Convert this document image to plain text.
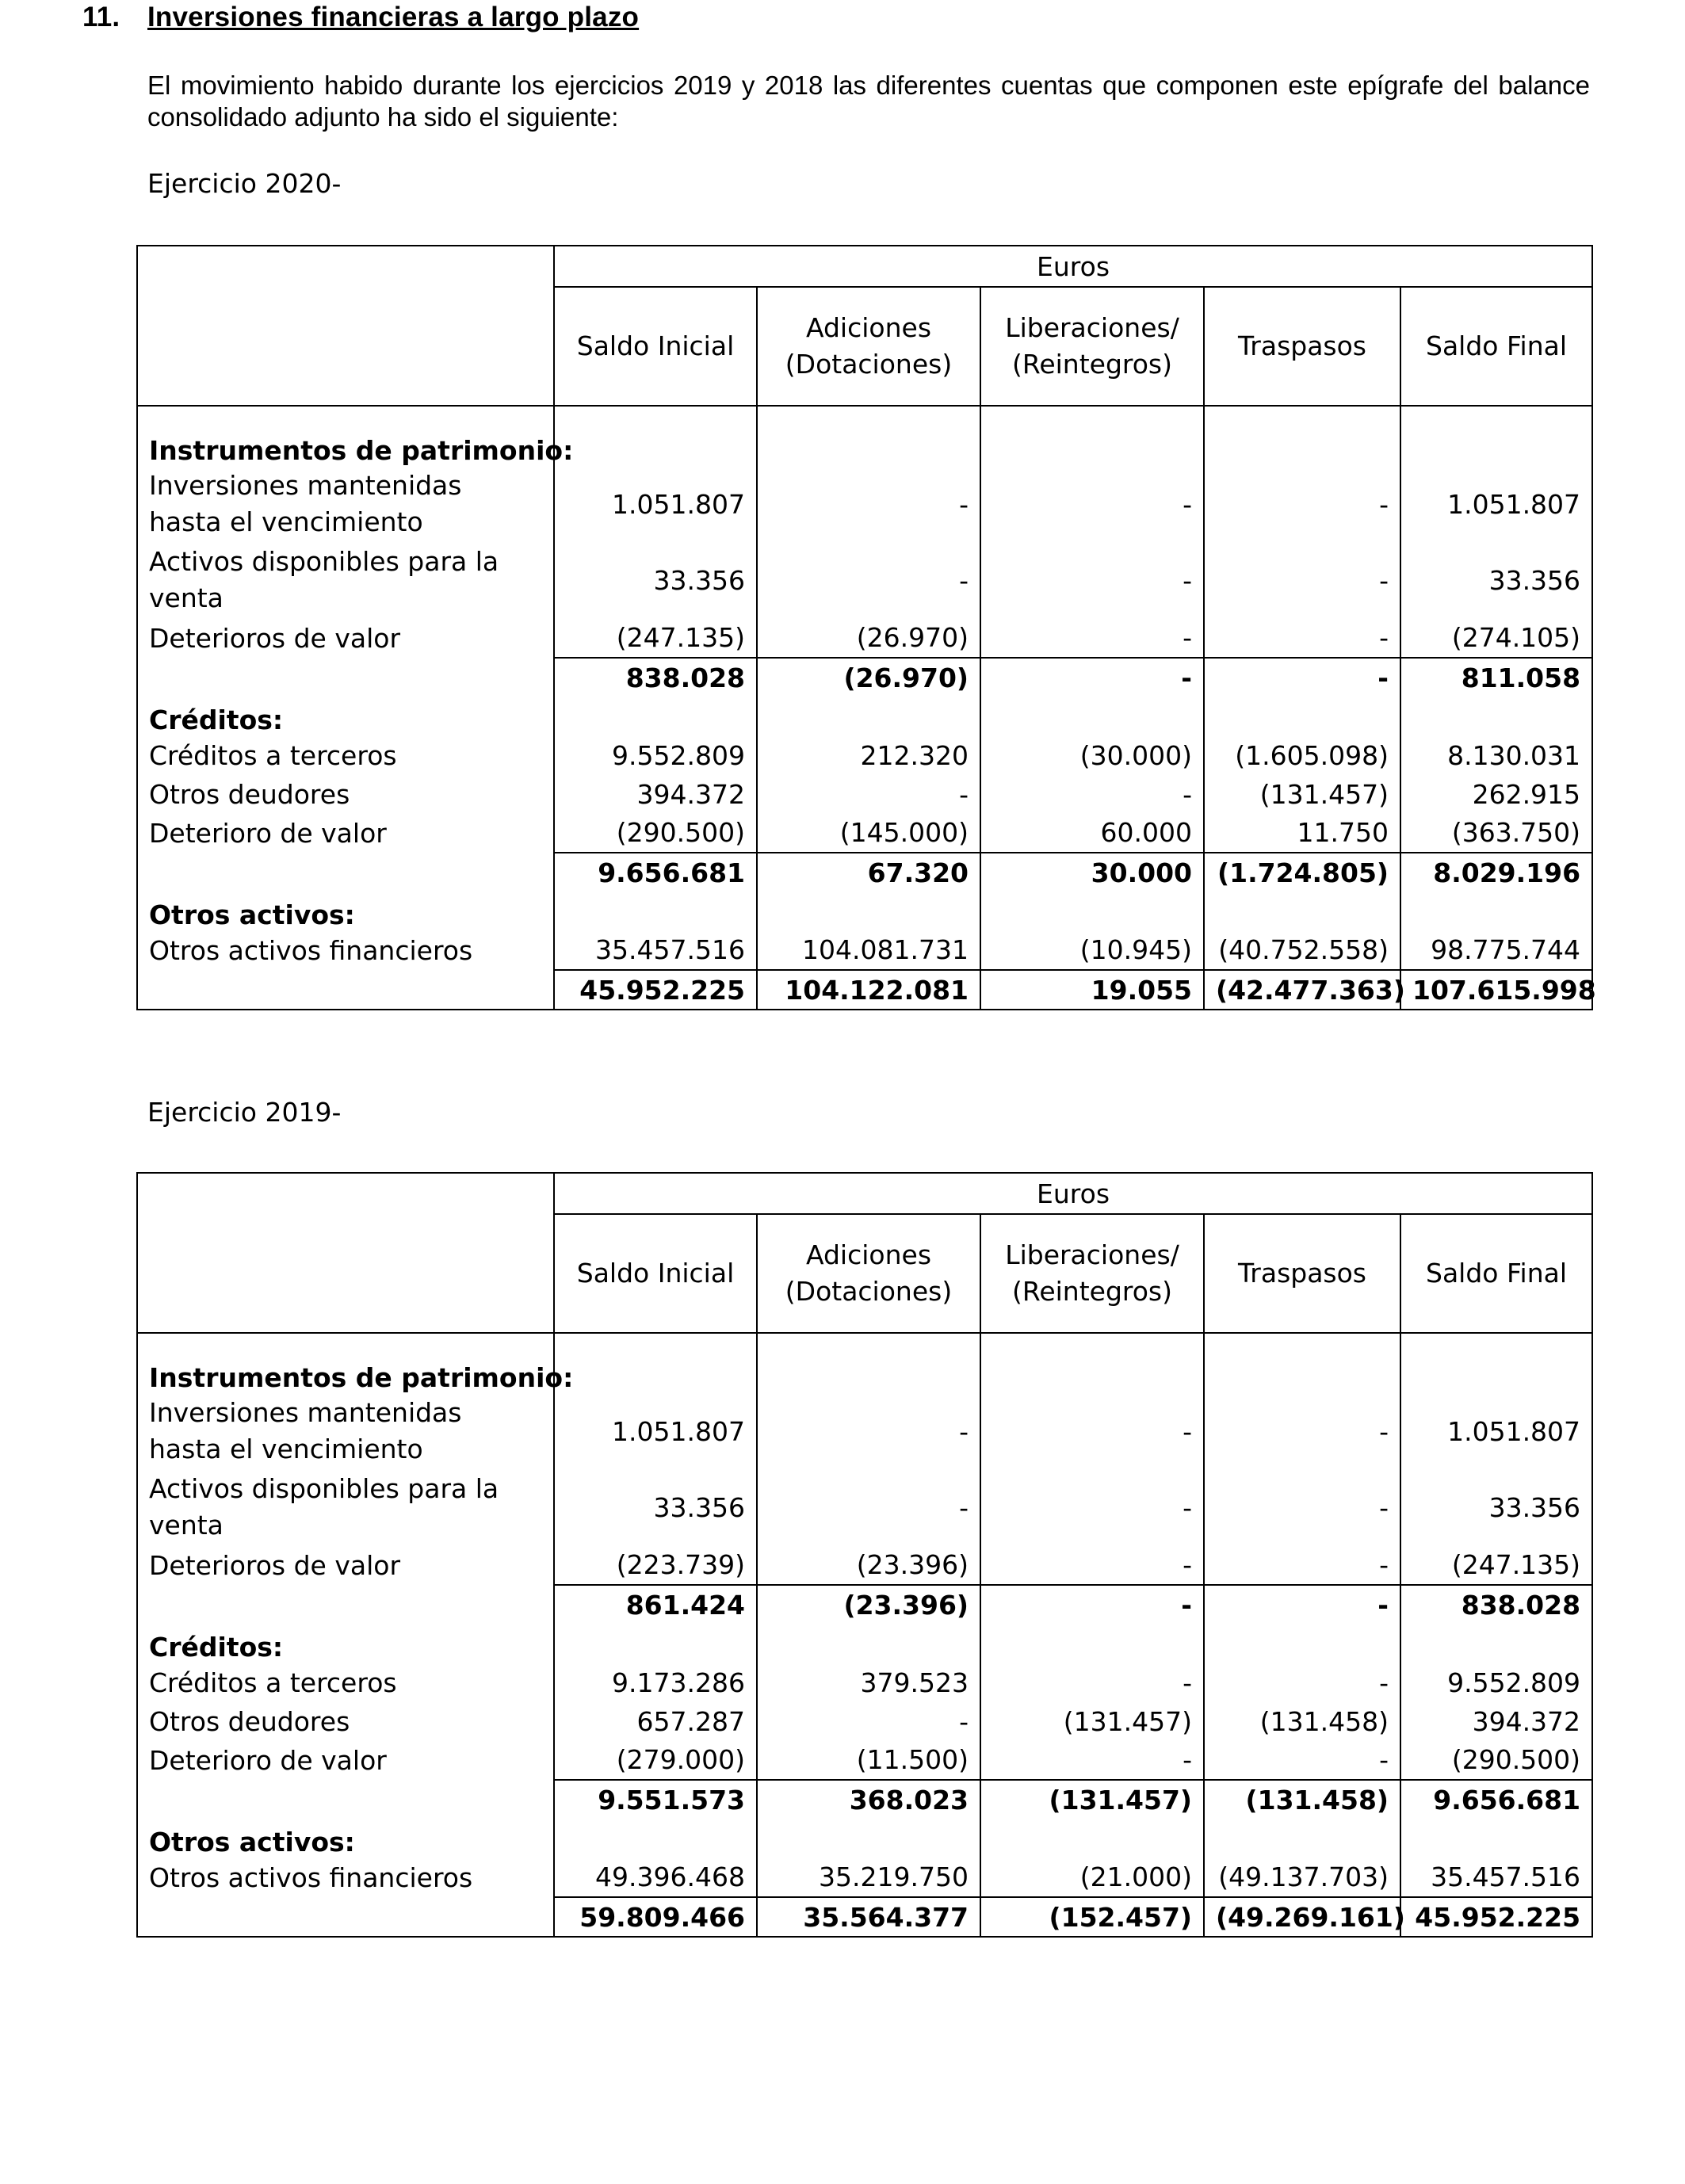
11. Inversiones financieras a largo plazo
El movimiento habido durante los ejercicios 2019 y 2018 las diferentes cuentas que componen este epígrafe del balance consolidado adjunto ha sido el siguiente:
Ejercicio 2020-
Ejercicio 2019-
	Euros				
	Saldo Inicial	Adiciones (Dotaciones)	Liberaciones/ (Reintegros)	Traspasos	Saldo Final
Instrumentos de patrimonio:					
Inversiones mantenidas hasta el vencimiento	1.051.807	-	-	-	1.051.807
Activos disponibles para la venta	33.356	-	-	-	33.356
Deterioros de valor	(247.135)	(26.970)	-	-	(274.105)
	838.028	(26.970)	-	-	811.058
Créditos:					
Créditos a terceros	9.552.809	212.320	(30.000)	(1.605.098)	8.130.031
Otros deudores	394.372	-	-	(131.457)	262.915
Deterioro de valor	(290.500)	(145.000)	60.000	11.750	(363.750)
	9.656.681	67.320	30.000	(1.724.805)	8.029.196
Otros activos:					
Otros activos financieros	35.457.516	104.081.731	(10.945)	(40.752.558)	98.775.744
	45.952.225	104.122.081	19.055	(42.477.363)	107.615.998
	Euros				
	Saldo Inicial	Adiciones (Dotaciones)	Liberaciones/ (Reintegros)	Traspasos	Saldo Final
Instrumentos de patrimonio:					
Inversiones mantenidas hasta el vencimiento	1.051.807	-	-	-	1.051.807
Activos disponibles para la venta	33.356	-	-	-	33.356
Deterioros de valor	(223.739)	(23.396)	-	-	(247.135)
	861.424	(23.396)	-	-	838.028
Créditos:					
Créditos a terceros	9.173.286	379.523	-	-	9.552.809
Otros deudores	657.287	-	(131.457)	(131.458)	394.372
Deterioro de valor	(279.000)	(11.500)	-	-	(290.500)
	9.551.573	368.023	(131.457)	(131.458)	9.656.681
Otros activos:					
Otros activos financieros	49.396.468	35.219.750	(21.000)	(49.137.703)	35.457.516
	59.809.466	35.564.377	(152.457)	(49.269.161)	45.952.225
